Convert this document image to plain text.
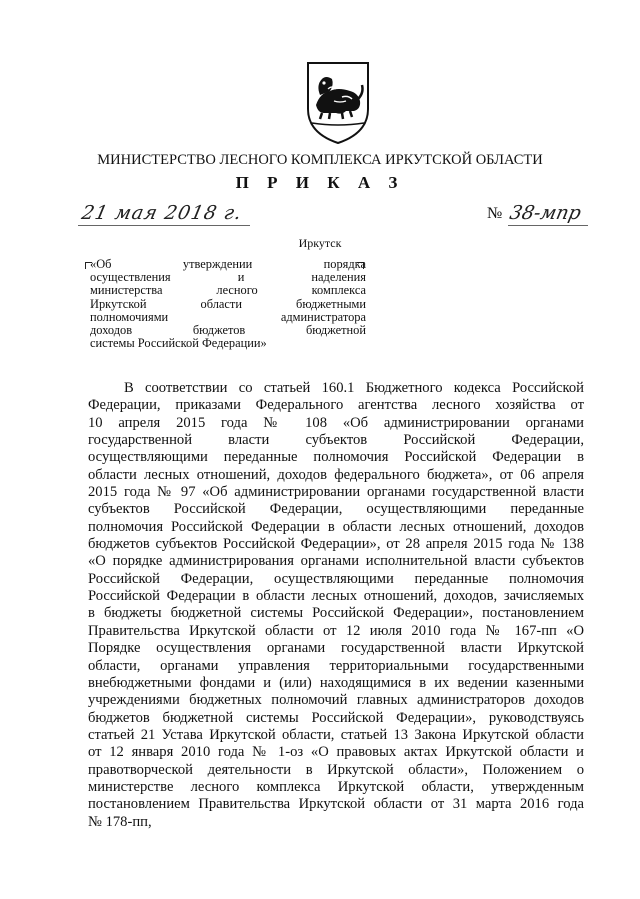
МИНИСТЕРСТВО ЛЕСНОГО КОМПЛЕКСА ИРКУТСКОЙ ОБЛАСТИ
П Р И К А З
21 мая 2018 г.	№ 38-мпр
Иркутск
«Об утверждении порядка
осуществления и наделения
министерства лесного комплекса
Иркутской области бюджетными
полномочиями администратора
доходов бюджетов бюджетной
системы Российской Федерации»
В соответствии со статьей 160.1 Бюджетного кодекса Российской
Федерации, приказами Федерального агентства лесного хозяйства от
10 апреля 2015 года № 108 «Об администрировании органами
государственной власти субъектов Российской Федерации,
осуществляющими переданные полномочия Российской Федерации в
области лесных отношений, доходов федерального бюджета», от 06 апреля
2015 года № 97 «Об администрировании органами государственной власти
субъектов Российской Федерации, осуществляющими переданные
полномочия Российской Федерации в области лесных отношений, доходов
бюджетов субъектов Российской Федерации», от 28 апреля 2015 года № 138
«О порядке администрирования органами исполнительной власти субъектов
Российской Федерации, осуществляющими переданные полномочия
Российской Федерации в области лесных отношений, доходов, зачисляемых
в бюджеты бюджетной системы Российской Федерации», постановлением
Правительства Иркутской области от 12 июля 2010 года № 167-пп «О
Порядке осуществления органами государственной власти Иркутской
области, органами управления территориальными государственными
внебюджетными фондами и (или) находящимися в их ведении казенными
учреждениями бюджетных полномочий главных администраторов доходов
бюджетов бюджетной системы Российской Федерации», руководствуясь
статьей 21 Устава Иркутской области, статьей 13 Закона Иркутской области
от 12 января 2010 года № 1-оз «О правовых актах Иркутской области и
правотворческой деятельности в Иркутской области», Положением о
министерстве лесного комплекса Иркутской области, утвержденным
постановлением Правительства Иркутской области от 31 марта 2016 года
№ 178-пп,
